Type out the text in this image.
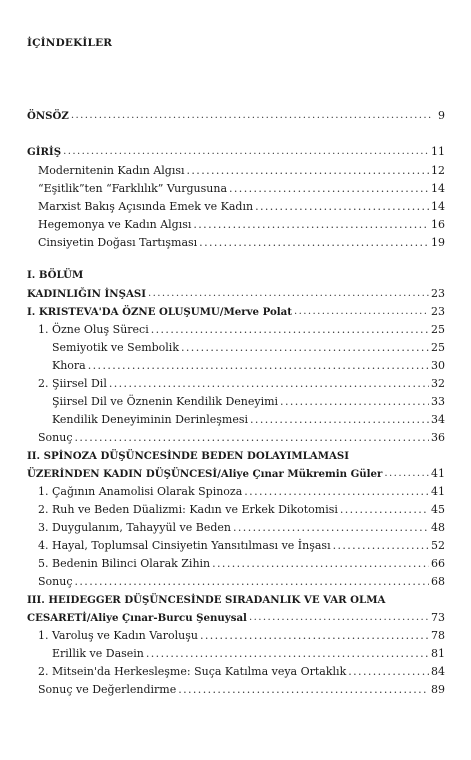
İÇİNDEKİLER
ÖNSÖZ .....	9
GİRİŞ .....	11
Modernitenin Kadın Algısı .....	12
“Eşitlik”ten “Farklılık” Vurgusuna .....	14
Marxist Bakış Açısında Emek ve Kadın .....	14
Hegemonya ve Kadın Algısı .....	16
Cinsiyetin Doğası Tartışması .....	19
I. BÖLÜM
KADINLIĞIN İNŞASI .....	23
I. KRISTEVA'DA ÖZNE OLUŞUMU/Merve Polat .....	23
1. Özne Oluş Süreci .....	25
Semiyotik ve Sembolik .....	25
Khora .....	30
2. Şiirsel Dil .....	32
Şiirsel Dil ve Öznenin Kendilik Deneyimi .....	33
Kendilik Deneyiminin Derinleşmesi .....	34
Sonuç .....	36
II. SPİNOZA DÜŞÜNCESİNDE BEDEN DOLAYIMLAMASI
ÜZERİNDEN KADIN DÜŞÜNCESİ/Aliye Çınar Mükremin Güler .....	41
1. Çağının Anamolisi Olarak Spinoza .....	41
2. Ruh ve Beden Düalizmi: Kadın ve Erkek Dikotomisi .....	45
3. Duygulanım, Tahayyül ve Beden .....	48
4. Hayal, Toplumsal Cinsiyetin Yansıtılması ve İnşası .....	52
5. Bedenin Bilinci Olarak Zihin .....	66
Sonuç .....	68
III. HEIDEGGER DÜŞÜNCESİNDE SIRADANLIK VE VAR OLMA
CESARETİ/Aliye Çınar-Burcu Şenuysal .....	73
1. Varoluş ve Kadın Varoluşu .....	78
Erillik ve Dasein .....	81
2. Mitsein'da Herkesleşme: Suça Katılma veya Ortaklık .....	84
Sonuç ve Değerlendirme .....	89
